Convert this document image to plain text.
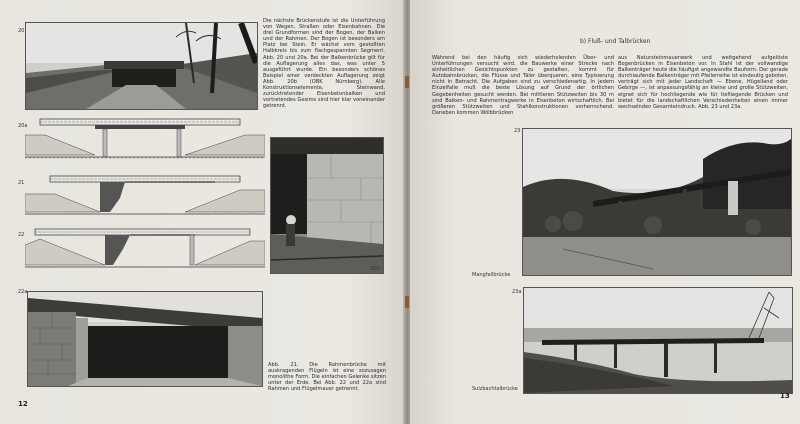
20

Die nächste Brückenstufe ist die Unterführung von Wegen, Straßen oder Eisenbahnen. Die drei Grundformen sind der Bogen, der Balken und der Rahmen. Der Bogen ist besonders am Platz bei Stein. Er wächst vom gestoßten Halbkreis bis zum flachgespannten Segment. Abb. 20 und 20a. Bei der Balkenbrücke gilt für die Auflagerung alles das, was unter 5 ausgeführt wurde. Ein besonders schönes Beispiel einer verdeckten Auflagerung zeigt Abb. 20b (OBK Nürnberg). Alle Konstruktionselemente, Steinwand, zurücktretender Eisenbetonbalken und vortretendes Gesims sind hier klar voneinander getrennt.

20a
21
22
22a

Abb. 21. Die Rahmenbrücke mit auskragenden Flügeln ist eine sozusagen monolithe Form. Die einfachen Gelenke sitzen unter der Erde. Bei Abb. 22 und 22a sind Rahmen und Flügelmauer getrennt.

12
b) Fluß- und Talbrücken

Während bei den häufig sich wiederholenden Über- und Unterführungen versucht wird, die Bauwerke einer Strecke nach einheitlichen Gesichtspunkten zu gestalten, kommt für Autobahnbrücken, die Flüsse und Täler überqueren, eine Typisierung nicht in Betracht. Die Aufgaben sind zu verschiedenartig. In jedem Einzelfalle muß die beste Lösung auf Grund der örtlichen Gegebenheiten gesucht werden. Bei mittleren Stützweiten bis 30 m sind Balken- und Rahmentragwerke in Eisenbeton wirtschaftlich. Bei größeren Stützweiten und Stahlkonstruktionen vorherrschend. Daneben kommen Wölbbrücken

aus Natursteinmauerwerk und weitgehend aufgelöste Bogenbrücken in Eisenbeton vor. In Stahl ist der vollwandige Balkenträger heute die häufigst angewandte Bauform. Der gerade durchlaufende Balkenträger mit Pfeilerreihe ist eindeutig geboten, verträgt sich mit jeder Landschaft — Ebene, Hügelland oder Gebirge —, ist anpassungsfähig an kleine und große Stützweiten, eignet sich für hochliegende wie für tiefliegende Brücken und bietet für die landschaftlichen Verschiedenheiten einen immer wechselnden Gesamteindruck. Abb. 23 und 23a.

23
Mangfallbrücke
20b
23a
Sulzbachtalbrücke
13
